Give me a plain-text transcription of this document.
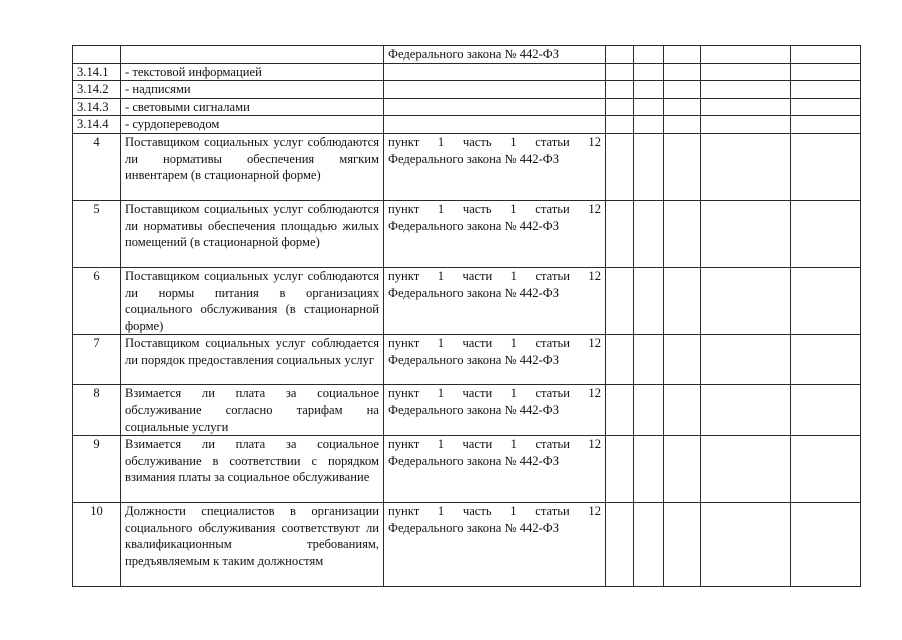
		Федерального закона № 442-ФЗ					
3.14.1	- текстовой информацией						
3.14.2	- надписями						
3.14.3	- световыми сигналами						
3.14.4	- сурдопереводом						
4	Поставщиком социальных услуг соблюдаются ли нормативы обеспечения мягким инвентарем (в стационарной форме)	пункт 1 часть 1 статьи 12 Федерального закона № 442-ФЗ					
5	Поставщиком социальных услуг соблюдаются ли нормативы обеспечения площадью жилых помещений (в стационарной форме)	пункт 1 часть 1 статьи 12 Федерального закона № 442-ФЗ					
6	Поставщиком социальных услуг соблюдаются ли нормы питания в организациях социального обслуживания (в стационарной форме)	пункт 1 части 1 статьи 12 Федерального закона № 442-ФЗ					
7	Поставщиком социальных услуг соблюдается ли порядок предоставления социальных услуг	пункт 1 части 1 статьи 12 Федерального закона № 442-ФЗ					
8	Взимается ли плата за социальное обслуживание согласно тарифам на социальные услуги	пункт 1 части 1 статьи 12 Федерального закона № 442-ФЗ					
9	Взимается ли плата за социальное обслуживание в соответствии с порядком взимания платы за социальное обслуживание	пункт 1 части 1 статьи 12 Федерального закона № 442-ФЗ					
10	Должности специалистов в организации социального обслуживания соответствуют ли квалификационным требованиям, предъявляемым к таким должностям	пункт 1 часть 1 статьи 12 Федерального закона № 442-ФЗ					
